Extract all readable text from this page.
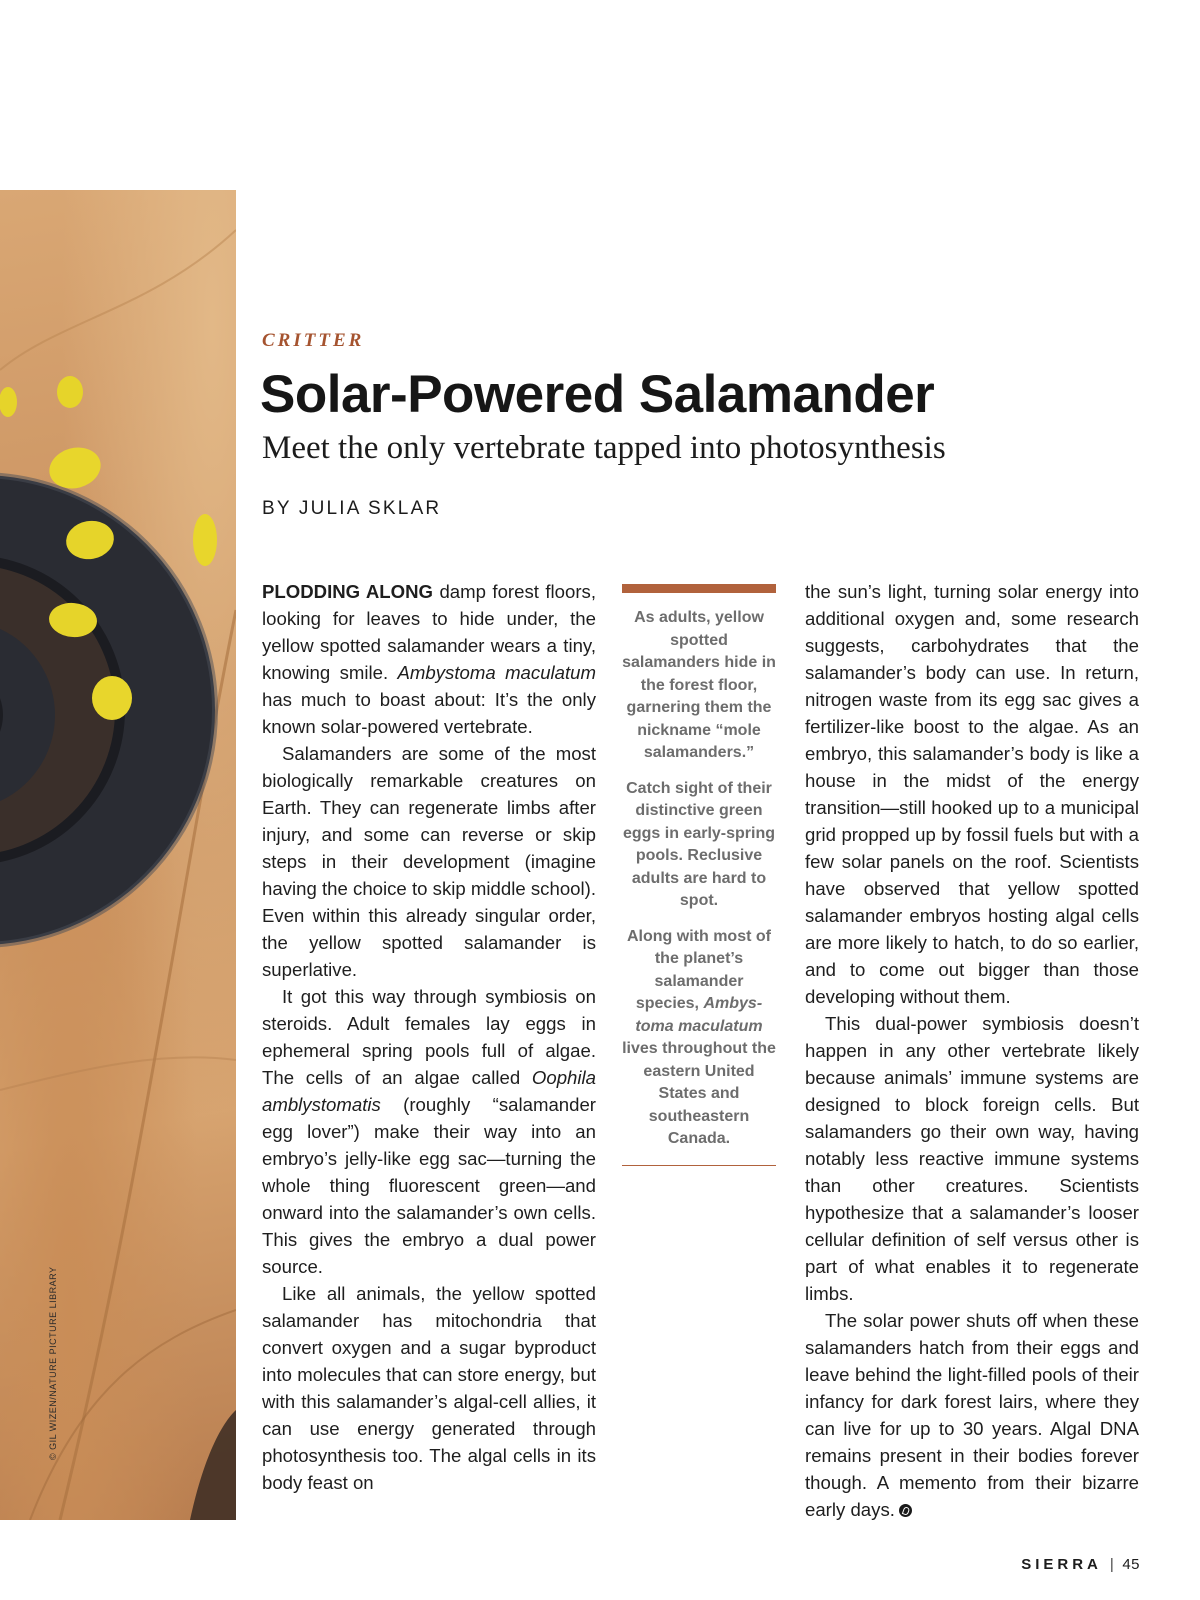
© GIL WIZEN/NATURE PICTURE LIBRARY
CRITTER
Solar-Powered Salamander
Meet the only vertebrate tapped into photosynthesis
BY JULIA SKLAR

PLODDING ALONG damp forest floors, looking for leaves to hide under, the yellow spotted salamander wears a tiny, knowing smile. Ambystoma maculatum has much to boast about: It’s the only known solar-powered vertebrate.

Salamanders are some of the most biologically remarkable creatures on Earth. They can regenerate limbs after injury, and some can reverse or skip steps in their development (imagine having the choice to skip middle school). Even within this already singular order, the yellow spotted salamander is superlative.

It got this way through symbiosis on steroids. Adult females lay eggs in ephemeral spring pools full of algae. The cells of an algae called Oophila amblystomatis (roughly “salamander egg lover”) make their way into an embryo’s jelly-like egg sac—turning the whole thing fluorescent green—and onward into the salamander’s own cells. This gives the embryo a dual power source.

Like all animals, the yellow spotted salamander has mitochondria that convert oxygen and a sugar byproduct into molecules that can store energy, but with this salamander’s algal-cell allies, it can use energy generated through photosynthesis too. The algal cells in its body feast on

As adults, yellow spotted salamanders hide in the forest floor, garnering them the nickname “mole salamanders.”

Catch sight of their distinctive green eggs in early-spring pools. Reclusive adults are hard to spot.

Along with most of the planet’s salamander species, Ambystoma maculatum lives throughout the eastern United States and southeastern Canada.

the sun’s light, turning solar energy into additional oxygen and, some research suggests, carbohydrates that the salamander’s body can use. In return, nitrogen waste from its egg sac gives a fertilizer-like boost to the algae. As an embryo, this salamander’s body is like a house in the midst of the energy transition—still hooked up to a municipal grid propped up by fossil fuels but with a few solar panels on the roof. Scientists have observed that yellow spotted salamander embryos hosting algal cells are more likely to hatch, to do so earlier, and to come out bigger than those developing without them.

This dual-power symbiosis doesn’t happen in any other vertebrate likely because animals’ immune systems are designed to block foreign cells. But salamanders go their own way, having notably less reactive immune systems than other creatures. Scientists hypothesize that a salamander’s looser cellular definition of self versus other is part of what enables it to regenerate limbs.

The solar power shuts off when these salamanders hatch from their eggs and leave behind the light-filled pools of their infancy for dark forest lairs, where they can live for up to 30 years. Algal DNA remains present in their bodies forever though. A memento from their bizarre early days.

SIERRA | 45
